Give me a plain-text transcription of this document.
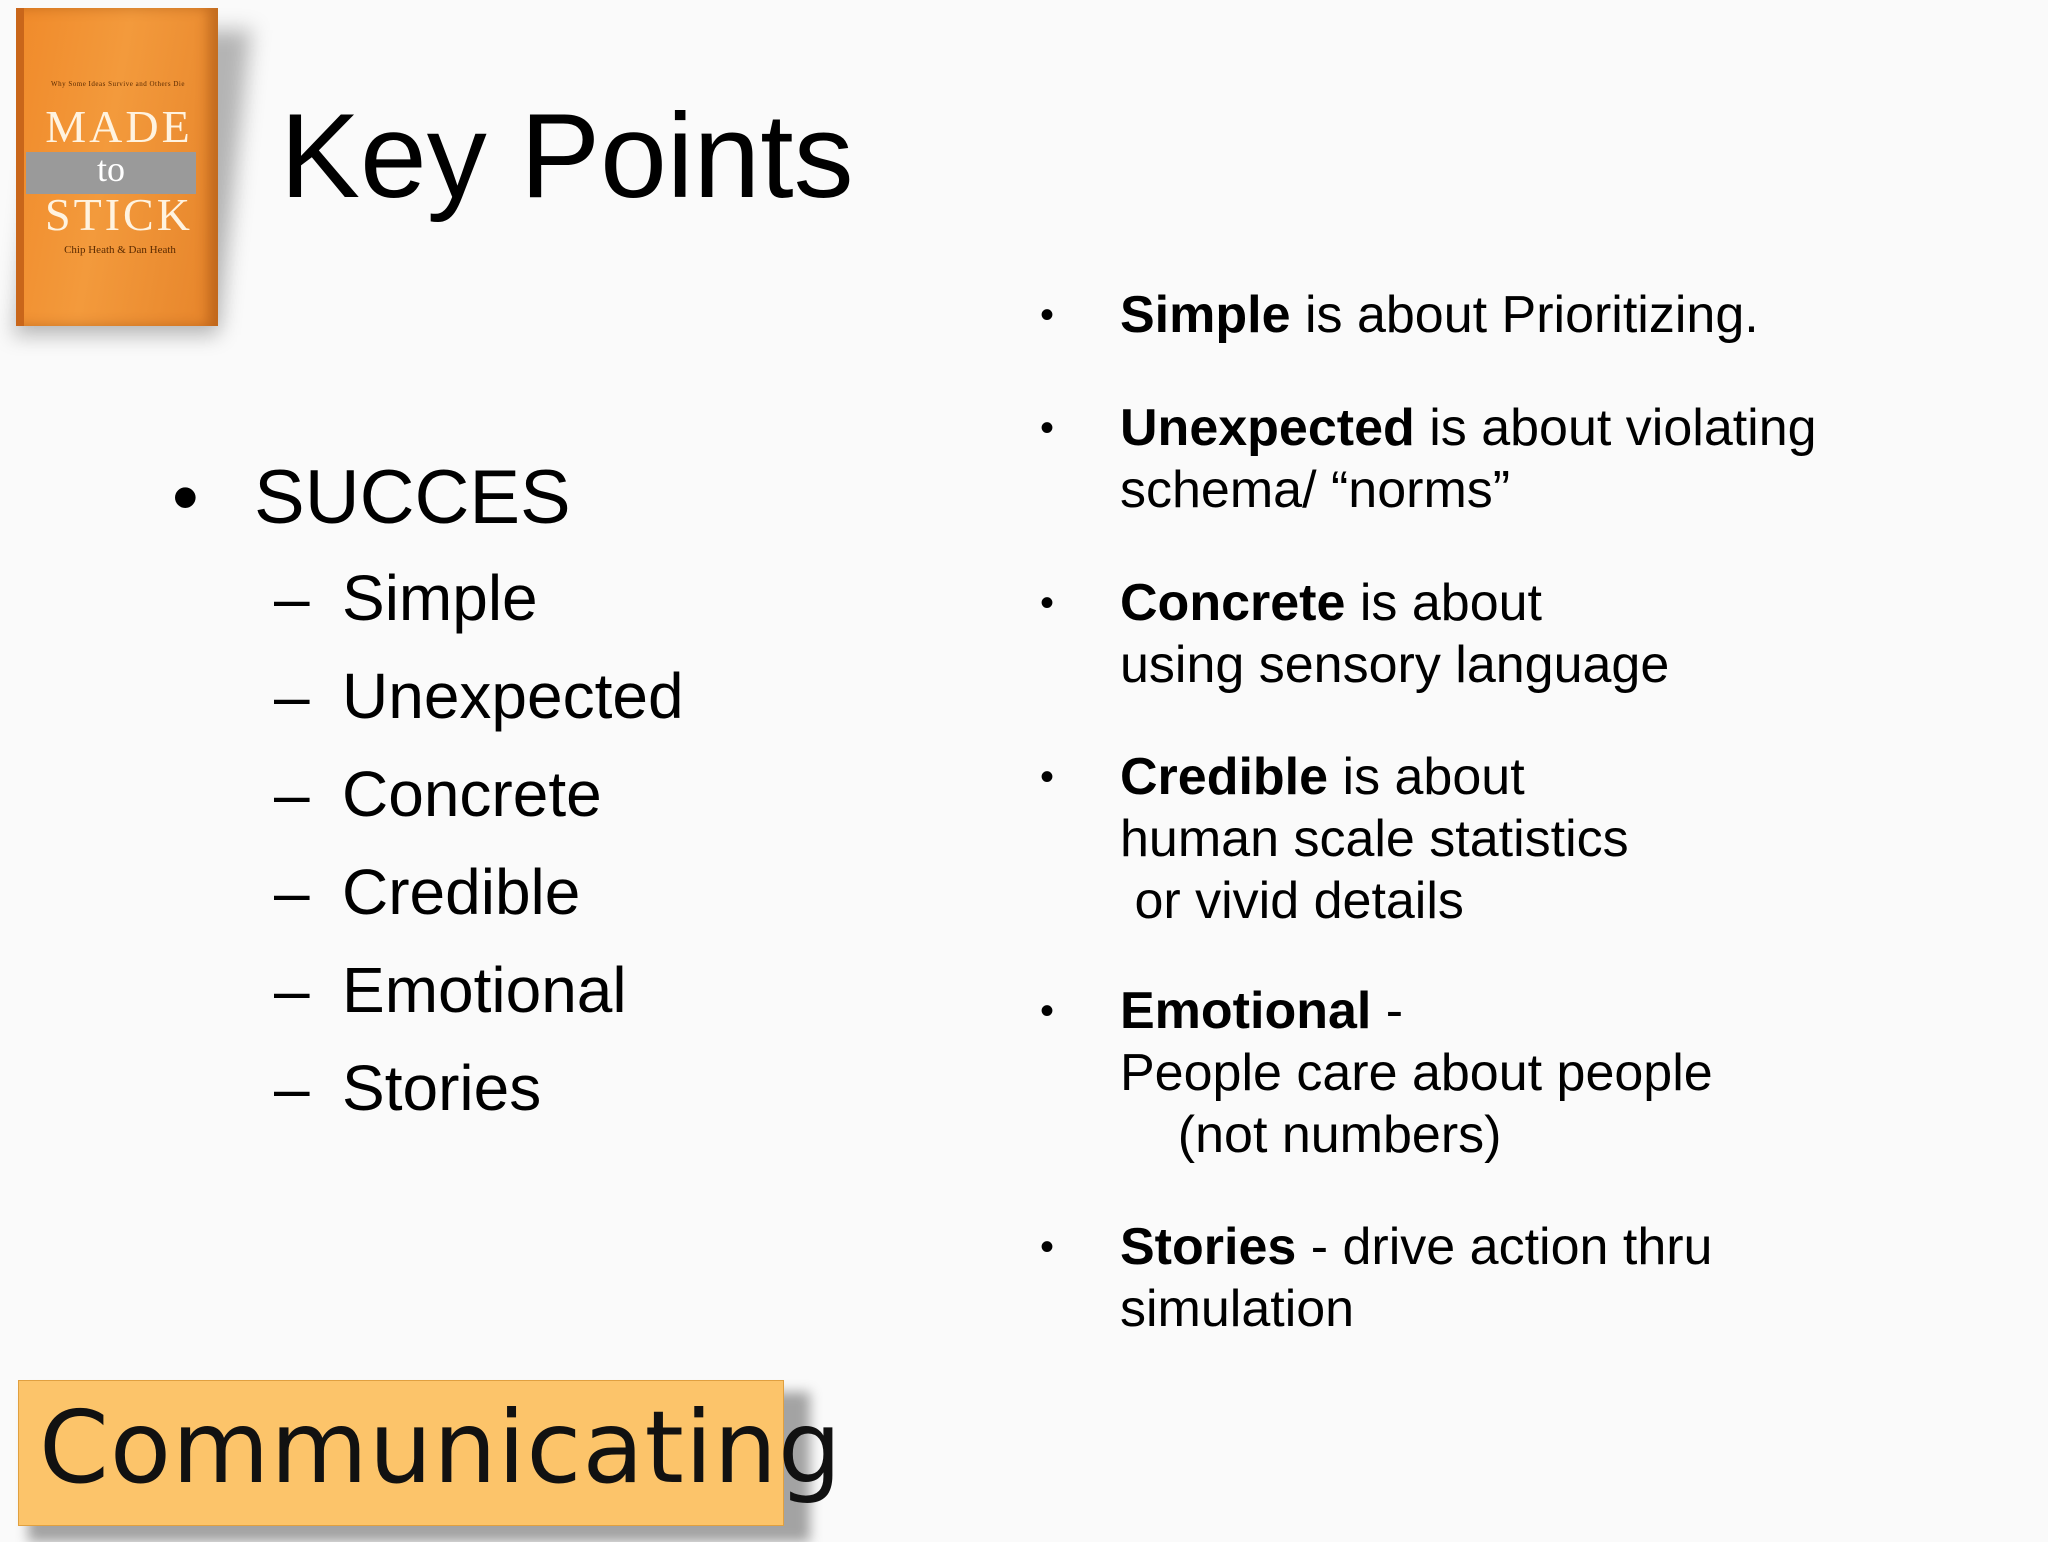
Why Some Ideas Survive and Others Die
MADE
to
STICK
Chip Heath & Dan Heath
Key Points
• SUCCES
– Simple
– Unexpected
– Concrete
– Credible
– Emotional
– Stories
• Simple is about Prioritizing.
• Unexpected is about violating
schema/ “norms”
• Concrete is about
using sensory language
• Credible is about
human scale statistics
or vivid details
• Emotional -
People care about people
(not numbers)
• Stories - drive action thru
simulation
Communicating
